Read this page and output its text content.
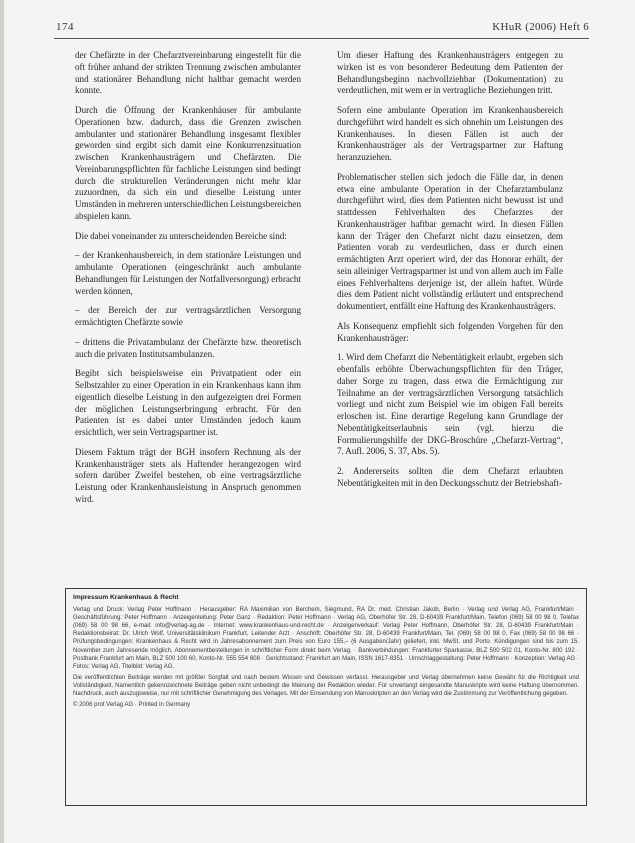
174	KHuR (2006) Heft 6

der Chefärzte in der Chefarztvereinbarung eingestellt für die oft früher anhand der strikten Trennung zwischen ambulanter und stationärer Behandlung nicht haltbar gemacht werden konnte.

Durch die Öffnung der Krankenhäuser für ambulante Operationen bzw. dadurch, dass die Grenzen zwischen ambulanter und stationärer Behandlung insgesamt flexibler geworden sind ergibt sich damit eine Konkurrenzsituation zwischen Krankenhausträgern und Chefärzten. Die Vereinbarungspflichten für fachliche Leistungen sind bedingt durch die strukturellen Veränderungen nicht mehr klar zuzuordnen, da sich ein und dieselbe Leistung unter Umständen in mehreren unterschiedlichen Leistungsbereichen abspielen kann.

Die dabei voneinander zu unterscheidenden Bereiche sind:

– der Krankenhausbereich, in dem stationäre Leistungen und ambulante Operationen (eingeschränkt auch ambulante Behandlungen für Leistungen der Notfallversorgung) erbracht werden können,

– der Bereich der zur vertragsärztlichen Versorgung ermächtigten Chefärzte sowie

– drittens die Privatambulanz der Chefärzte bzw. theoretisch auch die privaten Institutsambulanzen.

Begibt sich beispielsweise ein Privatpatient oder ein Selbstzahler zu einer Operation in ein Krankenhaus kann ihm eigentlich dieselbe Leistung in den aufgezeigten drei Formen der möglichen Leistungserbringung erbracht. Für den Patienten ist es dabei unter Umständen jedoch kaum ersichtlich, wer sein Vertragspartner ist.

Diesem Faktum trägt der BGH insofern Rechnung als der Krankenhausträger stets als Haftender herangezogen wird sofern darüber Zweifel bestehen, ob eine vertragsärztliche Leistung oder Krankenhausleistung in Anspruch genommen wird.

Um dieser Haftung des Krankenhausträgers entgegen zu wirken ist es von besonderer Bedeutung dem Patienten der Behandlungsbeginn nachvollziehbar (Dokumentation) zu verdeutlichen, mit wem er in vertragliche Beziehungen tritt.

Sofern eine ambulante Operation im Krankenhausbereich durchgeführt wird handelt es sich ohnehin um Leistungen des Krankenhauses. In diesen Fällen ist auch der Krankenhausträger als der Vertragspartner zur Haftung heranzuziehen.

Problematischer stellen sich jedoch die Fälle dar, in denen etwa eine ambulante Operation in der Chefarztambulanz durchgeführt wird, dies dem Patienten nicht bewusst ist und stattdessen Fehlverhalten des Chefarztes der Krankenhausträger haftbar gemacht wird. In diesen Fällen kann der Träger den Chefarzt nicht dazu einsetzen, dem Patienten vorab zu verdeutlichen, dass er durch einen ermächtigten Arzt operiert wird, der das Honorar erhält, der sein alleiniger Vertragspartner ist und von allem auch im Falle eines Fehlverhaltens derjenige ist, der allein haftet. Würde dies dem Patient nicht vollständig erläutert und entsprechend dokumentiert, entfällt eine Haftung des Krankenhausträgers.

Als Konsequenz empfiehlt sich folgenden Vorgehen für den Krankenhausträger:

1. Wird dem Chefarzt die Nebentätigkeit erlaubt, ergeben sich ebenfalls erhöhte Überwachungspflichten für den Träger, daher Sorge zu tragen, dass etwa die Ermächtigung zur Teilnahme an der vertragsärztlichen Versorgung tatsächlich vorliegt und nicht zum Beispiel wie im obigen Fall bereits erloschen ist. Eine derartige Regelung kann Grundlage der Nebentätigkeitserlaubnis sein (vgl. hierzu die Formulierungshilfe der DKG-Broschüre „Chefarzt-Vertrag“, 7. Aufl. 2006, S. 37, Abs. 5).

2. Andererseits sollten die dem Chefarzt erlaubten Nebentätigkeiten mit in den Deckungsschutz der Betriebshaft-

Impressum Krankenhaus & Recht

Verlag und Druck: Verlag Peter Hoffmann · Herausgeber: RA Maximilian von Berchem, Siegmund, RA Dr. med. Christian Jakob, Berlin · Verlag und Verlag AG, Frankfurt/Main · Geschäftsführung: Peter Hoffmann · Anzeigenleitung: Peter Ganz · Redaktion: Peter Hoffmann · Verlag AG, Oberhöfer Str. 28, D-60439 Frankfurt/Main, Telefon (069) 58 00 98 0, Telefax (069) 58 00 98 66, e-mail: info@verlag-ag.de · Internet: www.krankenhaus-und-recht.de · Anzeigenverkauf: Verlag Peter Hoffmann, Oberhöfer Str. 28, D-60439 Frankfurt/Main · Redaktionsbeirat: Dr. Ulrich Wolf, Universitätsklinikum Frankfurt, Leitender Arzt · Anschrift: Oberhöfer Str. 28, D-60439 Frankfurt/Main, Tel. (069) 58 00 98 0, Fax (069) 58 00 98 66 · Prüfungsbedingungen: Krankenhaus & Recht wird in Jahresabonnement zum Preis von Euro 155,– (6 Ausgaben/Jahr) geliefert, inkl. MwSt. und Porto. Kündigungen sind bis zum 15. November zum Jahresende möglich. Abonnementbestellungen in schriftlicher Form direkt beim Verlag. · Bankverbindungen: Frankfurter Sparkasse, BLZ 500 502 01, Konto-Nr. 800 192 · Postbank Frankfurt am Main, BLZ 500 100 60, Konto-Nr. 555 554 608 · Gerichtsstand: Frankfurt am Main, ISSN 1617-8351 · Umschlaggestaltung: Peter Hoffmann · Konzeption: Verlag AG · Fotos: Verlag AG, Titelbild: Verlag AG.

Die veröffentlichten Beiträge werden mit größter Sorgfalt und nach bestem Wissen und Gewissen verfasst. Herausgeber und Verlag übernehmen keine Gewähr für die Richtigkeit und Vollständigkeit. Namentlich gekennzeichnete Beiträge geben nicht unbedingt die Meinung der Redaktion wieder. Für unverlangt eingesandte Manuskripte wird keine Haftung übernommen. Nachdruck, auch auszugsweise, nur mit schriftlicher Genehmigung des Verlages. Mit der Einsendung von Manuskripten an den Verlag wird die Zustimmung zur Veröffentlichung gegeben.

© 2006 prot Verlag AG · Printed in Germany
